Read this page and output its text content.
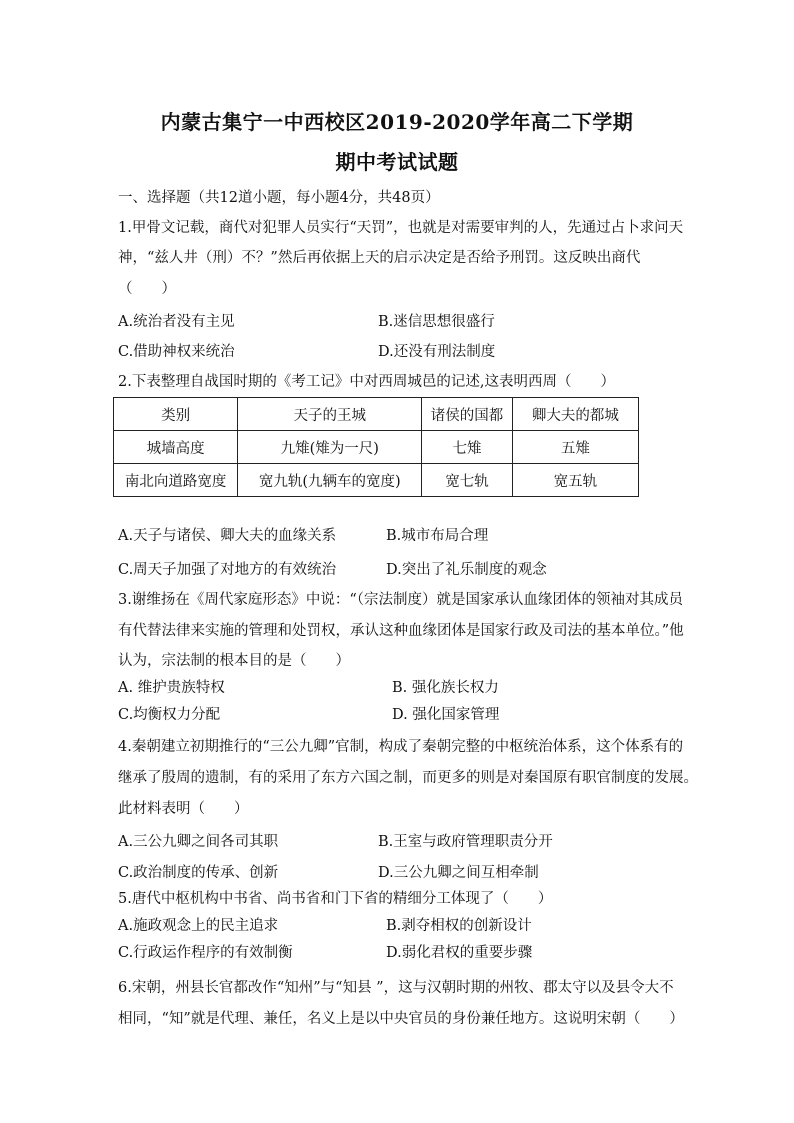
内蒙古集宁一中西校区2019-2020学年高二下学期
期中考试试题
一、选择题（共12道小题，每小题4分，共48页）
1.甲骨文记载，商代对犯罪人员实行“天罚”，也就是对需要审判的人，先通过占卜求问天
神，“兹人井（刑）不？”然后再依据上天的启示决定是否给予刑罚。这反映出商代
（　　）
A.统治者没有主见	B.迷信思想很盛行
C.借助神权来统治	D.还没有刑法制度
2.下表整理自战国时期的《考工记》中对西周城邑的记述,这表明西周（　　）
类别	天子的王城	诸侯的国都	卿大夫的都城
城墙高度	九雉(雉为一尺)	七雉	五雉
南北向道路宽度	宽九轨(九辆车的宽度)	宽七轨	宽五轨
A.天子与诸侯、卿大夫的血缘关系	B.城市布局合理
C.周天子加强了对地方的有效统治	D.突出了礼乐制度的观念
3.谢维扬在《周代家庭形态》中说：“（宗法制度）就是国家承认血缘团体的领袖对其成员
有代替法律来实施的管理和处罚权，承认这种血缘团体是国家行政及司法的基本单位。”他
认为，宗法制的根本目的是（　　）
A. 维护贵族特权	B. 强化族长权力
C.均衡权力分配	D. 强化国家管理
4.秦朝建立初期推行的“三公九卿”官制，构成了秦朝完整的中枢统治体系，这个体系有的
继承了殷周的遗制，有的采用了东方六国之制，而更多的则是对秦国原有职官制度的发展。
此材料表明（　　）
A.三公九卿之间各司其职	B.王室与政府管理职责分开
C.政治制度的传承、创新	D.三公九卿之间互相牵制
5.唐代中枢机构中书省、尚书省和门下省的精细分工体现了（　　）
A.施政观念上的民主追求	B.剥夺相权的创新设计
C.行政运作程序的有效制衡	D.弱化君权的重要步骤
6.宋朝，州县长官都改作“知州”与“知县 ”，这与汉朝时期的州牧、郡太守以及县令大不
相同，“知”就是代理、兼任，名义上是以中央官员的身份兼任地方。这说明宋朝（　　）
